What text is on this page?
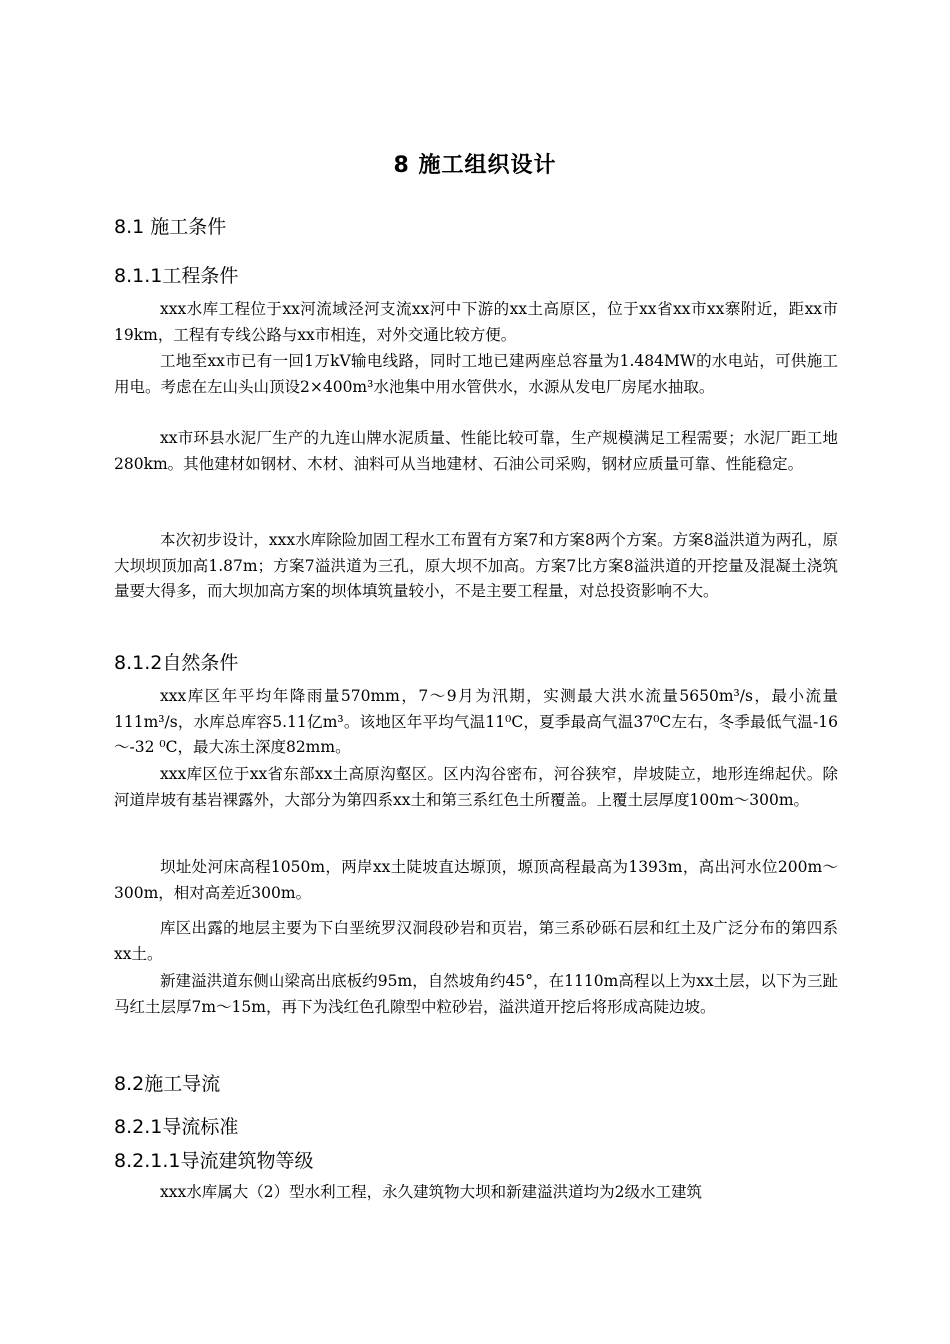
8 施工组织设计
8.1 施工条件
8.1.1工程条件

xxx水库工程位于xx河流域泾河支流xx河中下游的xx土高原区，位于xx省xx市xx寨附近，距xx市19km，工程有专线公路与xx市相连，对外交通比较方便。

工地至xx市已有一回1万kV输电线路，同时工地已建两座总容量为1.484MW的水电站，可供施工用电。考虑在左山头山顶设2×400m³水池集中用水管供水，水源从发电厂房尾水抽取。

xx市环县水泥厂生产的九连山牌水泥质量、性能比较可靠，生产规模满足工程需要；水泥厂距工地280km。其他建材如钢材、木材、油料可从当地建材、石油公司采购，钢材应质量可靠、性能稳定。

本次初步设计，xxx水库除险加固工程水工布置有方案7和方案8两个方案。方案8溢洪道为两孔，原大坝坝顶加高1.87m；方案7溢洪道为三孔，原大坝不加高。方案7比方案8溢洪道的开挖量及混凝土浇筑量要大得多，而大坝加高方案的坝体填筑量较小，不是主要工程量，对总投资影响不大。

8.1.2自然条件

xxx库区年平均年降雨量570mm，7～9月为汛期，实测最大洪水流量5650m³/s，最小流量111m³/s，水库总库容5.11亿m³。该地区年平均气温11⁰C，夏季最高气温37⁰C左右，冬季最低气温-16～-32 ⁰C，最大冻土深度82mm。

xxx库区位于xx省东部xx土高原沟壑区。区内沟谷密布，河谷狭窄，岸坡陡立，地形连绵起伏。除河道岸坡有基岩裸露外，大部分为第四系xx土和第三系红色土所覆盖。上覆土层厚度100m～300m。

坝址处河床高程1050m，两岸xx土陡坡直达塬顶，塬顶高程最高为1393m，高出河水位200m～300m，相对高差近300m。

库区出露的地层主要为下白垩统罗汉洞段砂岩和页岩，第三系砂砾石层和红土及广泛分布的第四系xx土。

新建溢洪道东侧山梁高出底板约95m，自然坡角约45°，在1110m高程以上为xx土层，以下为三趾马红土层厚7m～15m，再下为浅红色孔隙型中粒砂岩，溢洪道开挖后将形成高陡边坡。

8.2施工导流
8.2.1导流标准
8.2.1.1导流建筑物等级

xxx水库属大（2）型水利工程，永久建筑物大坝和新建溢洪道均为2级水工建筑
